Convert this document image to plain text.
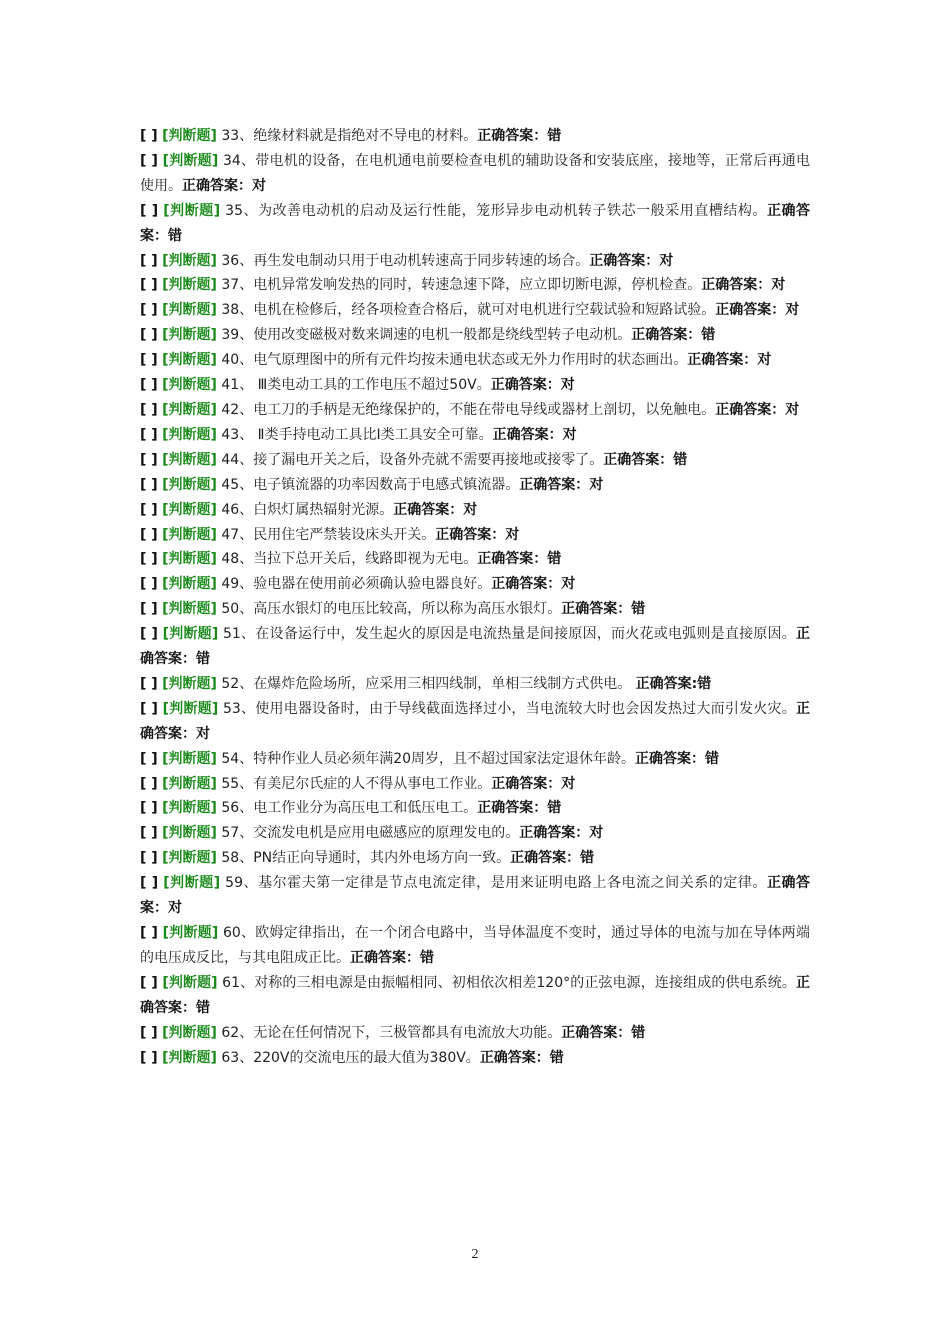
[ ] [判断题] 33、绝缘材料就是指绝对不导电的材料。正确答案：错

[ ] [判断题] 34、带电机的设备，在电机通电前要检查电机的辅助设备和安装底座，接地等，正常后再通电使用。正确答案：对

[ ] [判断题] 35、为改善电动机的启动及运行性能，笼形异步电动机转子铁芯一般采用直槽结构。正确答案：错

[ ] [判断题] 36、再生发电制动只用于电动机转速高于同步转速的场合。正确答案：对

[ ] [判断题] 37、电机异常发响发热的同时，转速急速下降，应立即切断电源，停机检查。正确答案：对

[ ] [判断题] 38、电机在检修后，经各项检查合格后，就可对电机进行空载试验和短路试验。正确答案：对

[ ] [判断题] 39、使用改变磁极对数来调速的电机一般都是绕线型转子电动机。正确答案：错

[ ] [判断题] 40、电气原理图中的所有元件均按未通电状态或无外力作用时的状态画出。正确答案：对

[ ] [判断题] 41、 Ⅲ类电动工具的工作电压不超过50V。正确答案：对

[ ] [判断题] 42、电工刀的手柄是无绝缘保护的，不能在带电导线或器材上剖切，以免触电。正确答案：对

[ ] [判断题] 43、 Ⅱ类手持电动工具比Ⅰ类工具安全可靠。正确答案：对

[ ] [判断题] 44、接了漏电开关之后，设备外壳就不需要再接地或接零了。正确答案：错

[ ] [判断题] 45、电子镇流器的功率因数高于电感式镇流器。正确答案：对

[ ] [判断题] 46、白炽灯属热辐射光源。正确答案：对

[ ] [判断题] 47、民用住宅严禁装设床头开关。正确答案：对

[ ] [判断题] 48、当拉下总开关后，线路即视为无电。正确答案：错

[ ] [判断题] 49、验电器在使用前必须确认验电器良好。正确答案：对

[ ] [判断题] 50、高压水银灯的电压比较高，所以称为高压水银灯。正确答案：错

[ ] [判断题] 51、在设备运行中，发生起火的原因是电流热量是间接原因，而火花或电弧则是直接原因。正确答案：错

[ ] [判断题] 52、在爆炸危险场所，应采用三相四线制，单相三线制方式供电。 正确答案:错

[ ] [判断题] 53、使用电器设备时，由于导线截面选择过小，当电流较大时也会因发热过大而引发火灾。正确答案：对

[ ] [判断题] 54、特种作业人员必须年满20周岁，且不超过国家法定退休年龄。正确答案：错

[ ] [判断题] 55、有美尼尔氏症的人不得从事电工作业。正确答案：对

[ ] [判断题] 56、电工作业分为高压电工和低压电工。正确答案：错

[ ] [判断题] 57、交流发电机是应用电磁感应的原理发电的。正确答案：对

[ ] [判断题] 58、PN结正向导通时，其内外电场方向一致。正确答案：错

[ ] [判断题] 59、基尔霍夫第一定律是节点电流定律，是用来证明电路上各电流之间关系的定律。正确答案：对

[ ] [判断题] 60、欧姆定律指出，在一个闭合电路中，当导体温度不变时，通过导体的电流与加在导体两端的电压成反比，与其电阻成正比。正确答案：错

[ ] [判断题] 61、对称的三相电源是由振幅相同、初相依次相差120°的正弦电源，连接组成的供电系统。正确答案：错

[ ] [判断题] 62、无论在任何情况下，三极管都具有电流放大功能。正确答案：错

[ ] [判断题] 63、220V的交流电压的最大值为380V。正确答案：错

2
